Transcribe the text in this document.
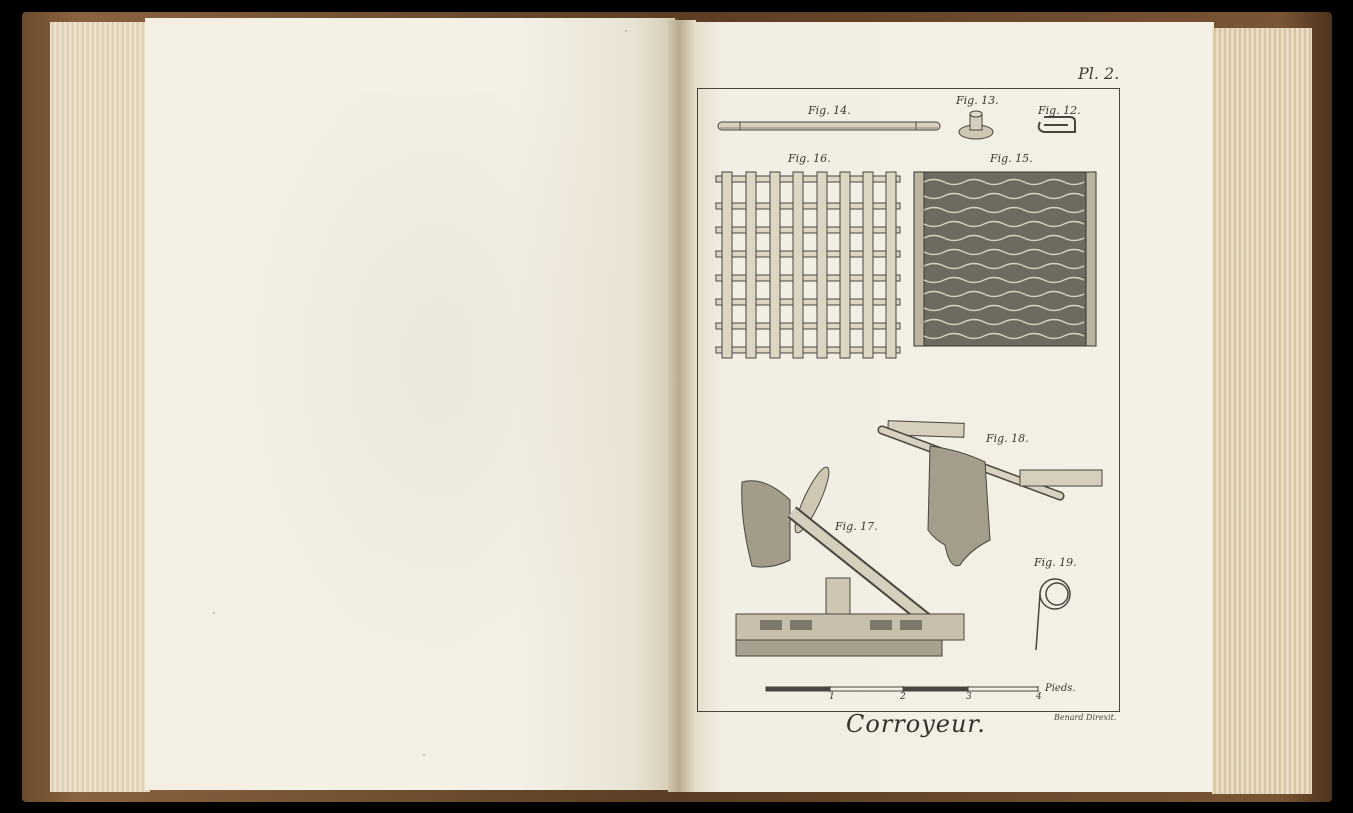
Pl. 2.
Fig. 14.
Fig. 13.
Fig. 12.
Fig. 16.	Fig. 15.
Fig. 18.
Fig. 17.
Fig. 19.
Pieds.
1	2	3	4
Corroyeur.	Benard Direxit.
